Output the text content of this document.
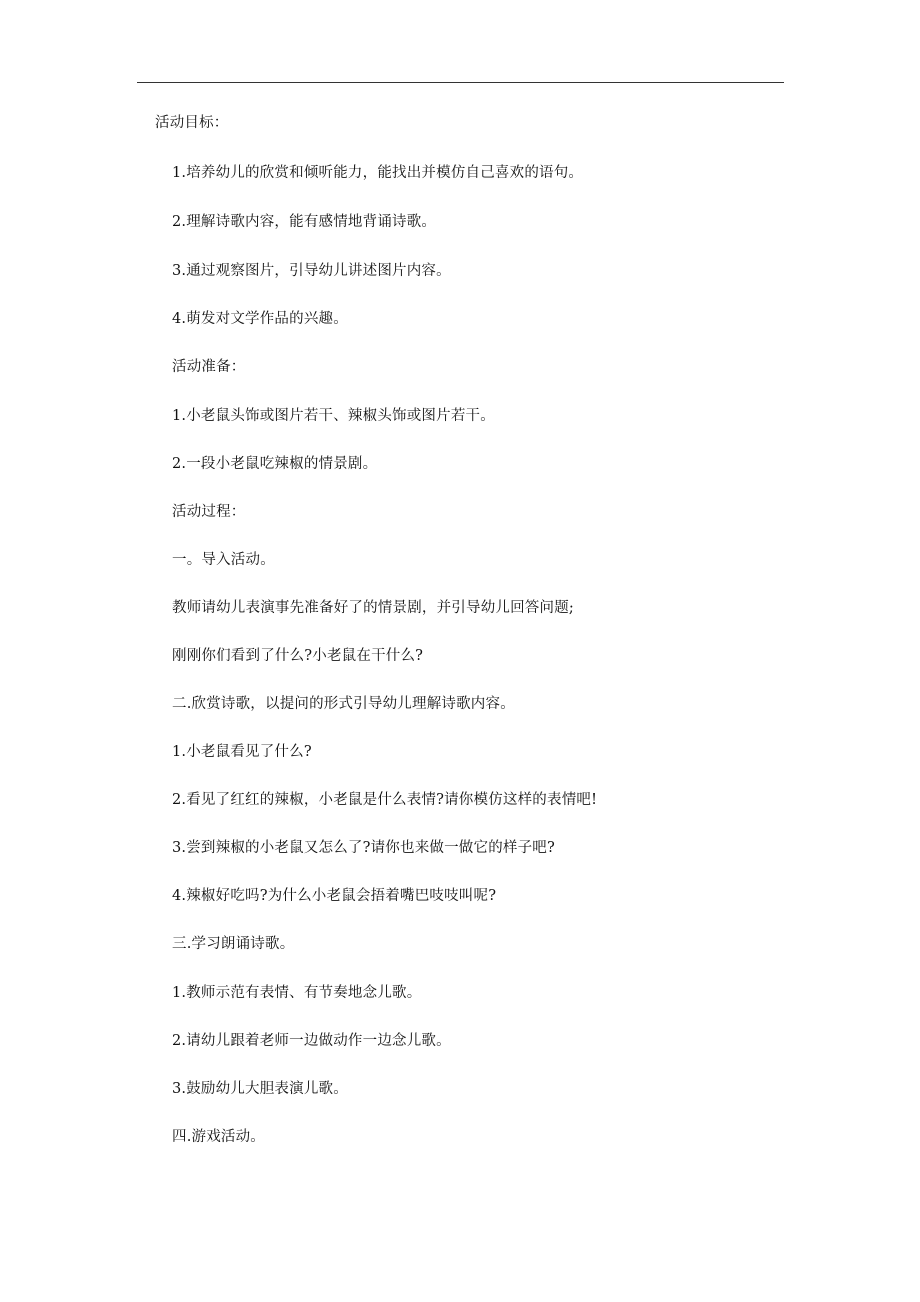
活动目标：
1.培养幼儿的欣赏和倾听能力，能找出并模仿自己喜欢的语句。
2.理解诗歌内容，能有感情地背诵诗歌。
3.通过观察图片，引导幼儿讲述图片内容。
4.萌发对文学作品的兴趣。
活动准备：
1.小老鼠头饰或图片若干、辣椒头饰或图片若干。
2.一段小老鼠吃辣椒的情景剧。
活动过程：
一。导入活动。
教师请幼儿表演事先准备好了的情景剧，并引导幼儿回答问题;
刚刚你们看到了什么?小老鼠在干什么?
二.欣赏诗歌，以提问的形式引导幼儿理解诗歌内容。
1.小老鼠看见了什么?
2.看见了红红的辣椒，小老鼠是什么表情?请你模仿这样的表情吧!
3.尝到辣椒的小老鼠又怎么了?请你也来做一做它的样子吧?
4.辣椒好吃吗?为什么小老鼠会捂着嘴巴吱吱叫呢?
三.学习朗诵诗歌。
1.教师示范有表情、有节奏地念儿歌。
2.请幼儿跟着老师一边做动作一边念儿歌。
3.鼓励幼儿大胆表演儿歌。
四.游戏活动。
